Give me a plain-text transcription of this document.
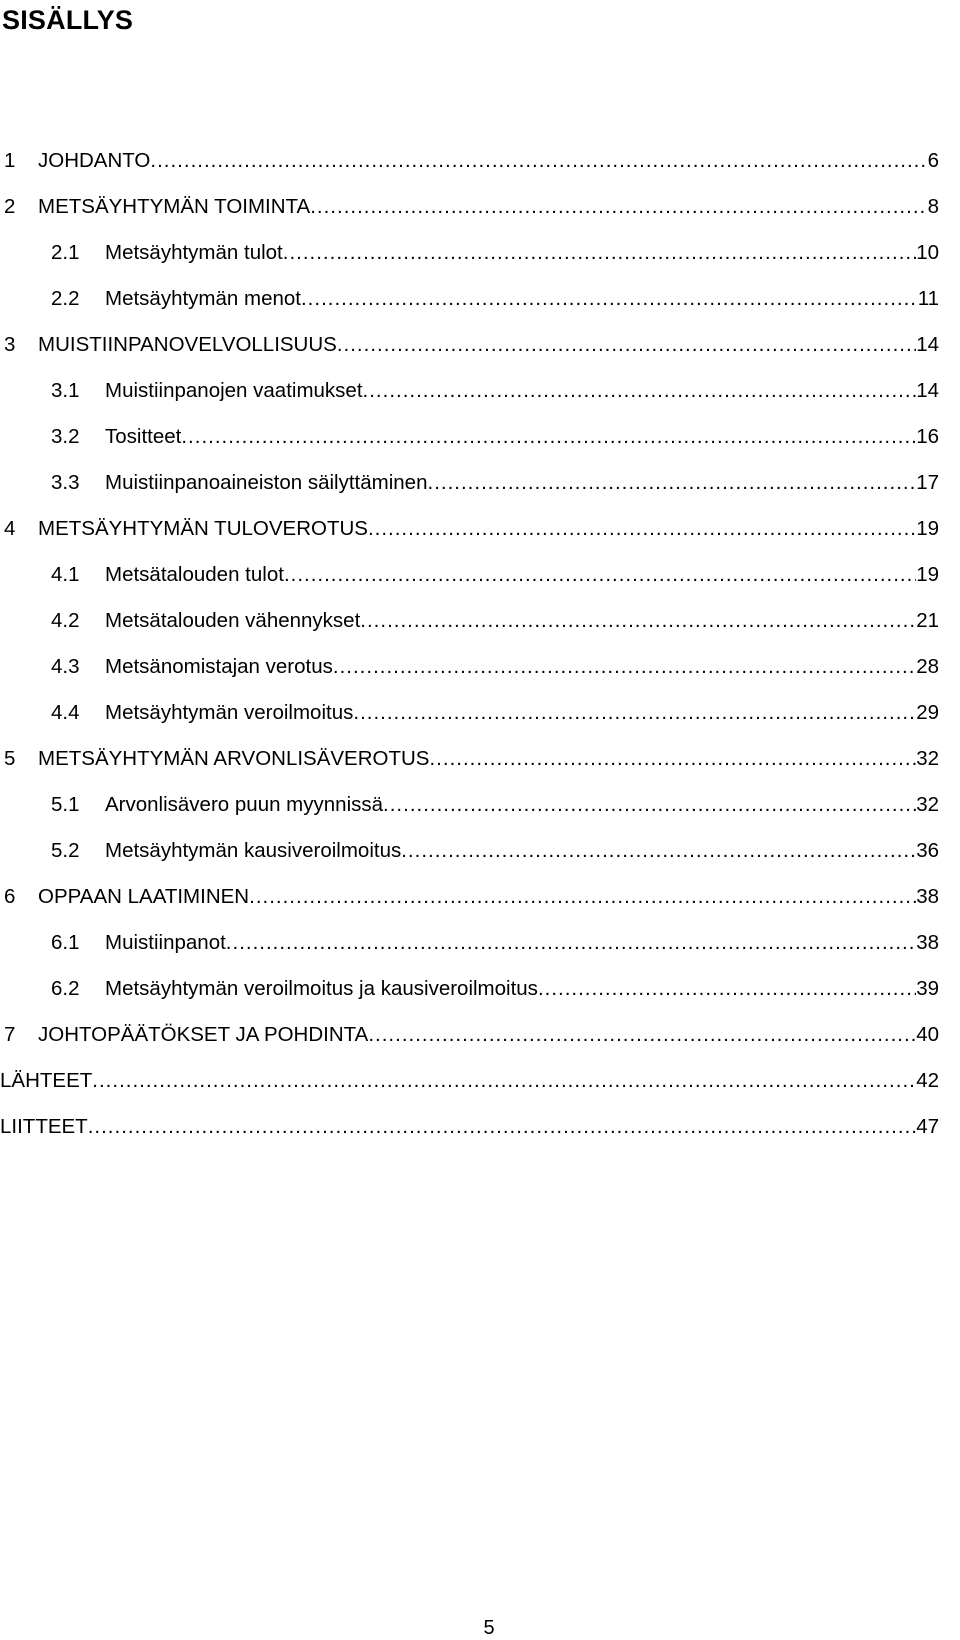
SISÄLLYS
1 JOHDANTO .....	6
2 METSÄYHTYMÄN TOIMINTA .....	8
2.1 Metsäyhtymän tulot .....	10
2.2 Metsäyhtymän menot .....	11
3 MUISTIINPANOVELVOLLISUUS .....	14
3.1 Muistiinpanojen vaatimukset .....	14
3.2 Tositteet .....	16
3.3 Muistiinpanoaineiston säilyttäminen .....	17
4 METSÄYHTYMÄN TULOVEROTUS .....	19
4.1 Metsätalouden tulot .....	19
4.2 Metsätalouden vähennykset .....	21
4.3 Metsänomistajan verotus .....	28
4.4 Metsäyhtymän veroilmoitus .....	29
5 METSÄYHTYMÄN ARVONLISÄVEROTUS .....	32
5.1 Arvonlisävero puun myynnissä .....	32
5.2 Metsäyhtymän kausiveroilmoitus .....	36
6 OPPAAN LAATIMINEN .....	38
6.1 Muistiinpanot .....	38
6.2 Metsäyhtymän veroilmoitus ja kausiveroilmoitus .....	39
7 JOHTOPÄÄTÖKSET JA POHDINTA .....	40
LÄHTEET .....	42
LIITTEET .....	47
5
